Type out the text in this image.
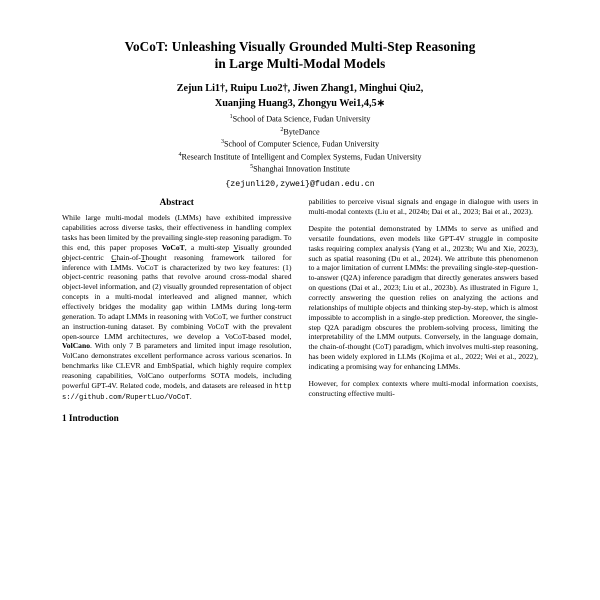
VoCoT: Unleashing Visually Grounded Multi-Step Reasoning
in Large Multi-Modal Models
Zejun Li1†, Ruipu Luo2†, Jiwen Zhang1, Minghui Qiu2,
Xuanjing Huang3, Zhongyu Wei1,4,5∗
$^1$School of Data Science, Fudan University
$^2$ByteDance
$^3$School of Computer Science, Fudan University
$^4$Research Institute of Intelligent and Complex Systems, Fudan University
$^5$Shanghai Innovation Institute
{zejunli20,zywei}@fudan.edu.cn
Abstract

While large multi-modal models (LMMs) have exhibited impressive capabilities across diverse tasks, their effectiveness in handling complex tasks has been limited by the prevailing single-step reasoning paradigm. To this end, this paper proposes VoCoT, a multi-step Visually grounded object-centric Chain-of-Thought reasoning framework tailored for inference with LMMs. VoCoT is characterized by two key features: (1) object-centric reasoning paths that revolve around cross-modal shared object-level information, and (2) visually grounded representation of object concepts in a multi-modal interleaved and aligned manner, which effectively bridges the modality gap within LMMs during long-term generation. To adapt LMMs in reasoning with VoCoT, we further construct an instruction-tuning dataset. By combining VoCoT with the prevalent open-source LMM architectures, we develop a VoCoT-based model, VolCano. With only 7 B parameters and limited input image resolution, VolCano demonstrates excellent performance across various scenarios. In benchmarks like CLEVR and EmbSpatial, which highly require complex reasoning capabilities, VolCano outperforms SOTA models, including powerful GPT-4V. Related code, models, and datasets are released in https://github.com/RupertLuo/VoCoT.

1 Introduction

pabilities to perceive visual signals and engage in dialogue with users in multi-modal contexts (Liu et al., 2024b; Dai et al., 2023; Bai et al., 2023).

Despite the potential demonstrated by LMMs to serve as unified and versatile foundations, even models like GPT-4V struggle in composite tasks requiring complex analysis (Yang et al., 2023b; Wu and Xie, 2023), such as spatial reasoning (Du et al., 2024). We attribute this phenomenon to a major limitation of current LMMs: the prevailing single-step-question-to-answer (Q2A) inference paradigm that directly generates answers based on questions (Dai et al., 2023; Liu et al., 2023b). As illustrated in Figure 1, correctly answering the question relies on analyzing the actions and relationships of multiple objects and thinking step-by-step, which is almost impossible to accomplish in a single-step prediction. Moreover, the single-step Q2A paradigm obscures the problem-solving process, limiting the interpretability of the LMM outputs. Conversely, in the language domain, the chain-of-thought (CoT) paradigm, which involves multi-step reasoning, has been widely explored in LLMs (Kojima et al., 2022; Wei et al., 2022), indicating a promising way for enhancing LMMs.

However, for complex contexts where multi-modal information coexists, constructing effective multi-
